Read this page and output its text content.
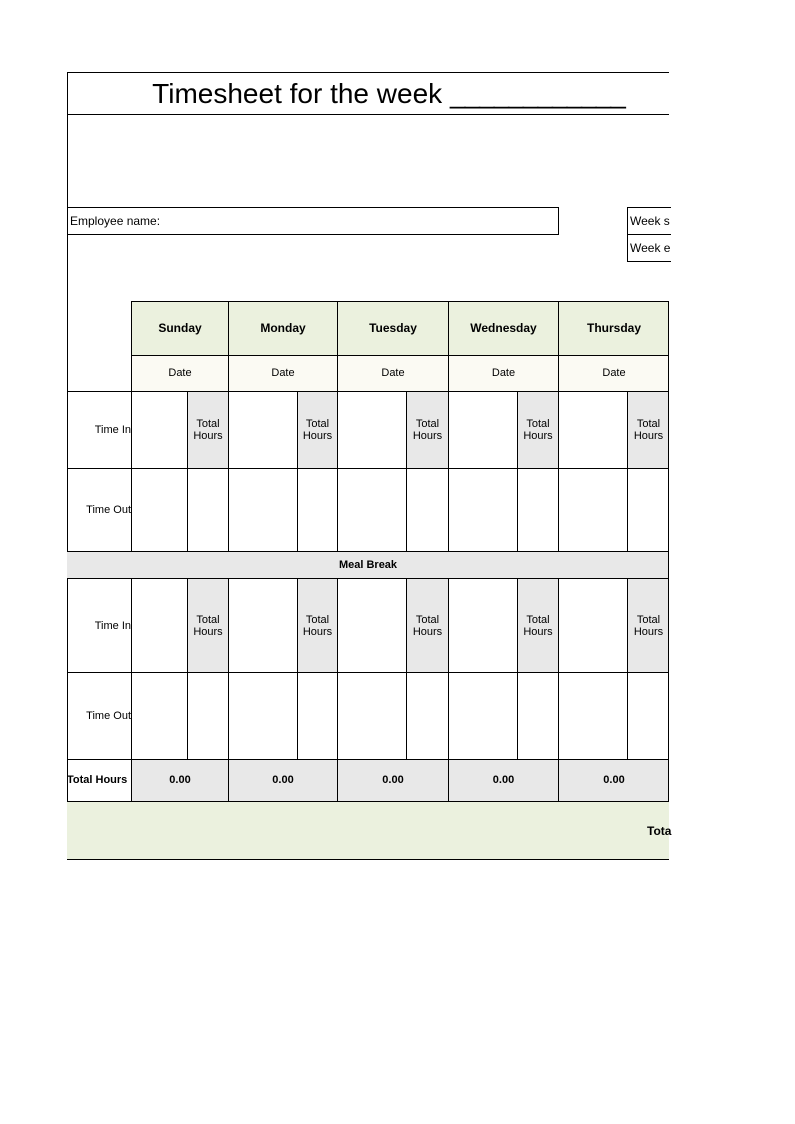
Timesheet for the week ____________
Employee name:	Week s
Week e
Meal Break
Total Hours
Tota
Sunday
Date
Total Hours
Total Hours
0.00
Monday
Date
Total Hours
Total Hours
0.00
Tuesday
Date
Total Hours
Total Hours
0.00
Wednesday
Date
Total Hours
Total Hours
0.00
Thursday
Date
Total Hours
Total Hours
0.00
Time In
Time Out
Time In
Time Out
